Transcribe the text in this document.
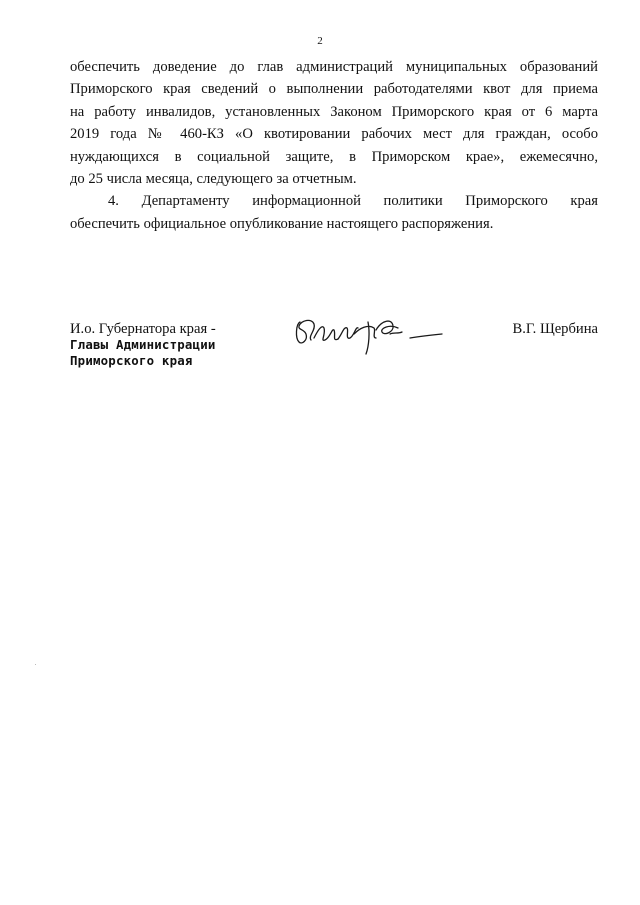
2
обеспечить доведение до глав администраций муниципальных образований
Приморского края сведений о выполнении работодателями квот для приема
на работу инвалидов, установленных Законом Приморского края от 6 марта
2019 года № 460-КЗ «О квотировании рабочих мест для граждан, особо
нуждающихся в социальной защите, в Приморском крае», ежемесячно,
до 25 числа месяца, следующего за отчетным.
4. Департаменту информационной политики Приморского края
обеспечить официальное опубликование настоящего распоряжения.
И.о. Губернатора края -
Главы Администрации
Приморского края
В.Г. Щербина
